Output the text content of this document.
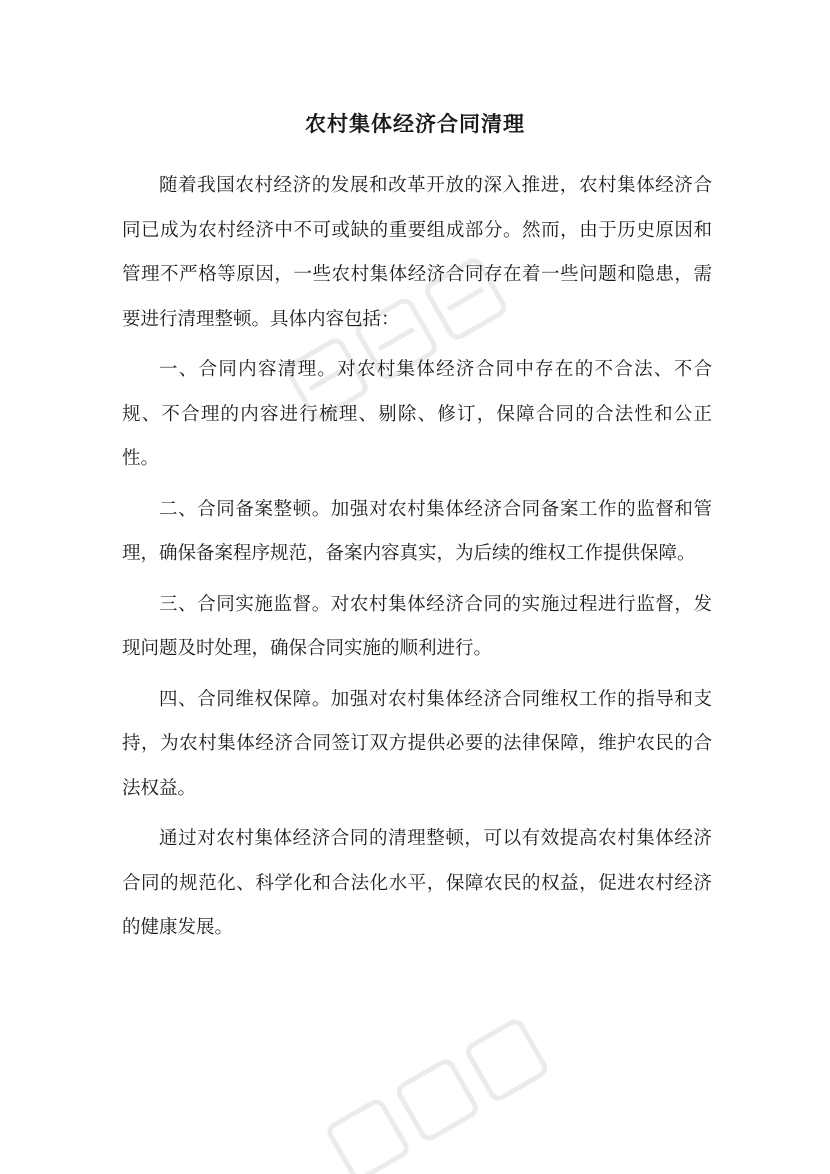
农村集体经济合同清理

随着我国农村经济的发展和改革开放的深入推进，农村集体经济合同已成为农村经济中不可或缺的重要组成部分。然而，由于历史原因和管理不严格等原因，一些农村集体经济合同存在着一些问题和隐患，需要进行清理整顿。具体内容包括：

一、合同内容清理。对农村集体经济合同中存在的不合法、不合规、不合理的内容进行梳理、剔除、修订，保障合同的合法性和公正性。

二、合同备案整顿。加强对农村集体经济合同备案工作的监督和管理，确保备案程序规范，备案内容真实，为后续的维权工作提供保障。

三、合同实施监督。对农村集体经济合同的实施过程进行监督，发现问题及时处理，确保合同实施的顺利进行。

四、合同维权保障。加强对农村集体经济合同维权工作的指导和支持，为农村集体经济合同签订双方提供必要的法律保障，维护农民的合法权益。

通过对农村集体经济合同的清理整顿，可以有效提高农村集体经济合同的规范化、科学化和合法化水平，保障农民的权益，促进农村经济的健康发展。
